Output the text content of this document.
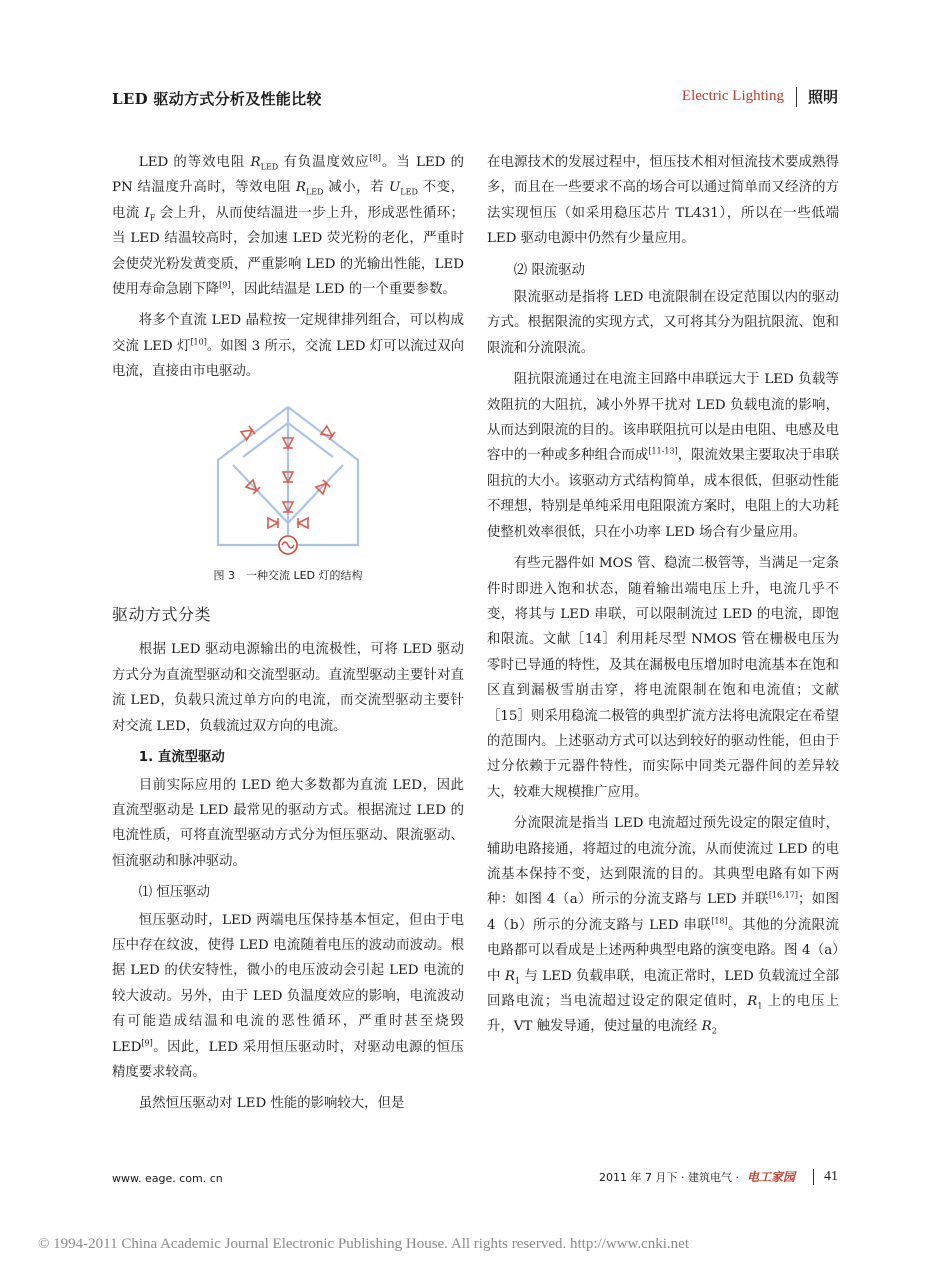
LED 驱动方式分析及性能比较	Electric Lighting 照明

LED 的等效电阻 $R_{LED}$ 有负温度效应[8]。当 LED 的 PN 结温度升高时，等效电阻 $R_{LED}$ 减小，若 $U_{LED}$ 不变，电流 $I_F$ 会上升，从而使结温进一步上升，形成恶性循环；当 LED 结温较高时，会加速 LED 荧光粉的老化，严重时会使荧光粉发黄变质，严重影响 LED 的光输出性能，LED 使用寿命急剧下降[9]，因此结温是 LED 的一个重要参数。

将多个直流 LED 晶粒按一定规律排列组合，可以构成交流 LED 灯[10]。如图 3 所示，交流 LED 灯可以流过双向电流，直接由市电驱动。

图 3　一种交流 LED 灯的结构
驱动方式分类

根据 LED 驱动电源输出的电流极性，可将 LED 驱动方式分为直流型驱动和交流型驱动。直流型驱动主要针对直流 LED，负载只流过单方向的电流，而交流型驱动主要针对交流 LED，负载流过双方向的电流。

1. 直流型驱动

目前实际应用的 LED 绝大多数都为直流 LED，因此直流型驱动是 LED 最常见的驱动方式。根据流过 LED 的电流性质，可将直流型驱动方式分为恒压驱动、限流驱动、恒流驱动和脉冲驱动。

⑴ 恒压驱动

恒压驱动时，LED 两端电压保持基本恒定，但由于电压中存在纹波，使得 LED 电流随着电压的波动而波动。根据 LED 的伏安特性，微小的电压波动会引起 LED 电流的较大波动。另外，由于 LED 负温度效应的影响，电流波动有可能造成结温和电流的恶性循环，严重时甚至烧毁 LED[9]。因此，LED 采用恒压驱动时，对驱动电源的恒压精度要求较高。

虽然恒压驱动对 LED 性能的影响较大，但是

在电源技术的发展过程中，恒压技术相对恒流技术要成熟得多，而且在一些要求不高的场合可以通过简单而又经济的方法实现恒压（如采用稳压芯片 TL431），所以在一些低端 LED 驱动电源中仍然有少量应用。

⑵ 限流驱动

限流驱动是指将 LED 电流限制在设定范围以内的驱动方式。根据限流的实现方式，又可将其分为阻抗限流、饱和限流和分流限流。

阻抗限流通过在电流主回路中串联远大于 LED 负载等效阻抗的大阻抗，减小外界干扰对 LED 负载电流的影响，从而达到限流的目的。该串联阻抗可以是由电阻、电感及电容中的一种或多种组合而成[11-13]，限流效果主要取决于串联阻抗的大小。该驱动方式结构简单，成本很低，但驱动性能不理想，特别是单纯采用电阻限流方案时，电阻上的大功耗使整机效率很低，只在小功率 LED 场合有少量应用。

有些元器件如 MOS 管、稳流二极管等，当满足一定条件时即进入饱和状态，随着输出端电压上升，电流几乎不变，将其与 LED 串联，可以限制流过 LED 的电流，即饱和限流。文献［14］利用耗尽型 NMOS 管在栅极电压为零时已导通的特性，及其在漏极电压增加时电流基本在饱和区直到漏极雪崩击穿，将电流限制在饱和电流值；文献［15］则采用稳流二极管的典型扩流方法将电流限定在希望的范围内。上述驱动方式可以达到较好的驱动性能，但由于过分依赖于元器件特性，而实际中同类元器件间的差异较大，较难大规模推广应用。

分流限流是指当 LED 电流超过预先设定的限定值时，辅助电路接通，将超过的电流分流，从而使流过 LED 的电流基本保持不变，达到限流的目的。其典型电路有如下两种：如图 4（a）所示的分流支路与 LED 并联[16,17]；如图 4（b）所示的分流支路与 LED 串联[18]。其他的分流限流电路都可以看成是上述两种典型电路的演变电路。图 4（a）中 $R_1$ 与 LED 负载串联，电流正常时，LED 负载流过全部回路电流；当电流超过设定的限定值时，$R_1$ 上的电压上升，VT 触发导通，使过量的电流经 $R_2$

www. eage. com. cn	2011 年 7 月下 · 建筑电气 · 电工家园 41
© 1994-2011 China Academic Journal Electronic Publishing House. All rights reserved. http://www.cnki.net
